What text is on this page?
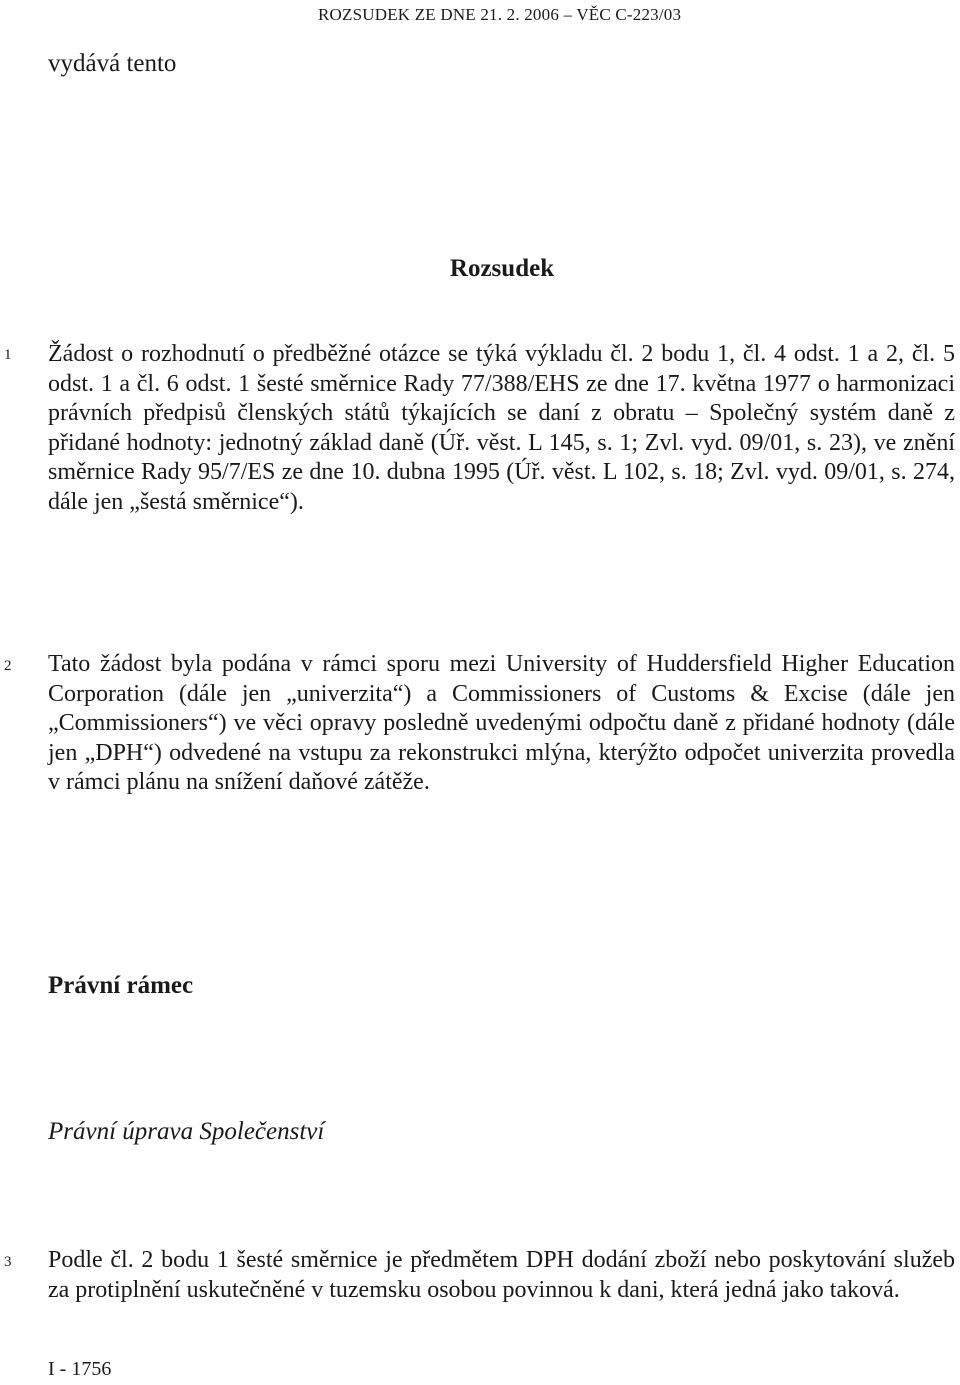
ROZSUDEK ZE DNE 21. 2. 2006 – VĚC C-223/03
vydává tento
Rozsudek
1 Žádost o rozhodnutí o předběžné otázce se týká výkladu čl. 2 bodu 1, čl. 4 odst. 1 a 2, čl. 5 odst. 1 a čl. 6 odst. 1 šesté směrnice Rady 77/388/EHS ze dne 17. května 1977 o harmonizaci právních předpisů členských států týkajících se daní z obratu – Společný systém daně z přidané hodnoty: jednotný základ daně (Úř. věst. L 145, s. 1; Zvl. vyd. 09/01, s. 23), ve znění směrnice Rady 95/7/ES ze dne 10. dubna 1995 (Úř. věst. L 102, s. 18; Zvl. vyd. 09/01, s. 274, dále jen „šestá směrnice“).
2 Tato žádost byla podána v rámci sporu mezi University of Huddersfield Higher Education Corporation (dále jen „univerzita“) a Commissioners of Customs & Excise (dále jen „Commissioners“) ve věci opravy posledně uvedenými odpočtu daně z přidané hodnoty (dále jen „DPH“) odvedené na vstupu za rekonstrukci mlýna, kterýžto odpočet univerzita provedla v rámci plánu na snížení daňové zátěže.
Právní rámec
Právní úprava Společenství
3 Podle čl. 2 bodu 1 šesté směrnice je předmětem DPH dodání zboží nebo poskytování služeb za protiplnění uskutečněné v tuzemsku osobou povinnou k dani, která jedná jako taková.
I - 1756
